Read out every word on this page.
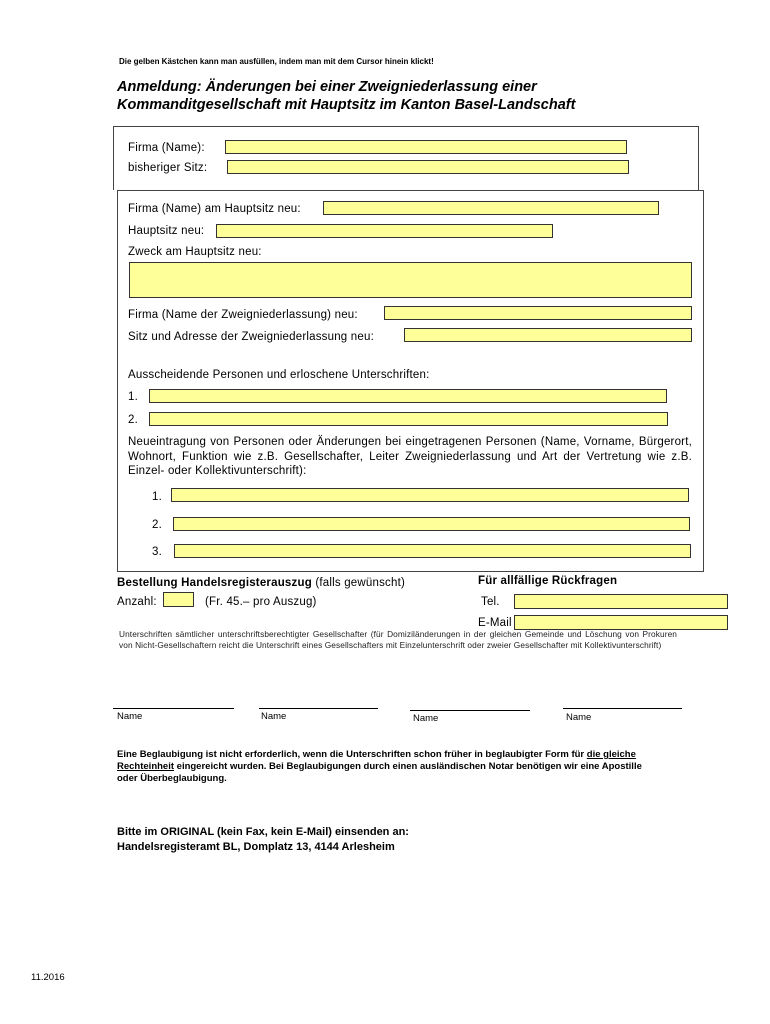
Die gelben Kästchen kann man ausfüllen, indem man mit dem Cursor hinein klickt!
Anmeldung: Änderungen bei einer Zweigniederlassung einer
Kommanditgesellschaft mit Hauptsitz im Kanton Basel-Landschaft
Firma (Name):
bisheriger Sitz:
Firma (Name) am Hauptsitz neu:
Hauptsitz neu:
Zweck am Hauptsitz neu:
Firma (Name der Zweigniederlassung) neu:
Sitz und Adresse der Zweigniederlassung neu:
Ausscheidende Personen und erloschene Unterschriften:
1.
2.
Neueintragung von Personen oder Änderungen bei eingetragenen Personen (Name, Vorname, Bürgerort, Wohnort, Funktion wie z.B. Gesellschafter, Leiter Zweigniederlassung und Art der Vertretung wie z.B. Einzel- oder Kollektivunterschrift):
1.
2.
3.
Bestellung Handelsregisterauszug (falls gewünscht)
Anzahl:	(Fr. 45.– pro Auszug)
Für allfällige Rückfragen
Tel.
E-Mail
Unterschriften sämtlicher unterschriftsberechtigter Gesellschafter (für Domiziländerungen in der gleichen Gemeinde und Löschung von Prokuren von Nicht-Gesellschaftern reicht die Unterschrift eines Gesellschafters mit Einzelunterschrift oder zweier Gesellschafter mit Kollektivunterschrift)
Name	Name	Name	Name
Eine Beglaubigung ist nicht erforderlich, wenn die Unterschriften schon früher in beglaubigter Form für die gleiche Rechteinheit eingereicht wurden. Bei Beglaubigungen durch einen ausländischen Notar benötigen wir eine Apostille oder Überbeglaubigung.
Bitte im ORIGINAL (kein Fax, kein E-Mail) einsenden an:
Handelsregisteramt BL, Domplatz 13, 4144 Arlesheim
11.2016
